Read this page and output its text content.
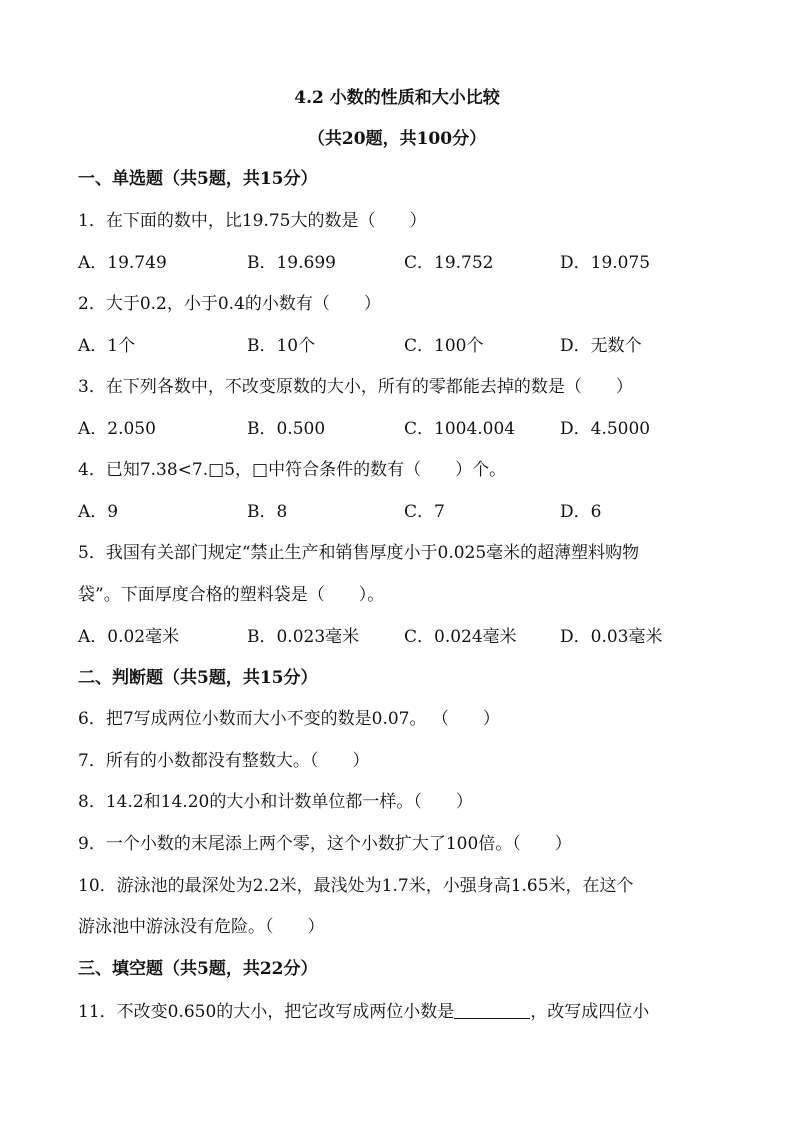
4.2 小数的性质和大小比较
（共20题，共100分）
一、单选题（共5题，共15分）
1．在下面的数中，比19.75大的数是（　　）
A．19.749	B．19.699	C．19.752	D．19.075
2．大于0.2，小于0.4的小数有（　　）
A．1个	B．10个	C．100个	D．无数个
3．在下列各数中，不改变原数的大小，所有的零都能去掉的数是（　　）
A．2.050	B．0.500	C．1004.004	D．4.5000
4．已知7.38<7.□5，□中符合条件的数有（　　）个。
A．9	B．8	C．7	D．6
5．我国有关部门规定“禁止生产和销售厚度小于0.025毫米的超薄塑料购物
袋”。下面厚度合格的塑料袋是（　　）。
A．0.02毫米	B．0.023毫米	C．0.024毫米	D．0.03毫米
二、判断题（共5题，共15分）
6．把7写成两位小数而大小不变的数是0.07。 （　　）
7．所有的小数都没有整数大。（　　）
8．14.2和14.20的大小和计数单位都一样。（　　）
9．一个小数的末尾添上两个零，这个小数扩大了100倍。（　　）
10．游泳池的最深处为2.2米，最浅处为1.7米，小强身高1.65米，在这个
游泳池中游泳没有危险。（　　）
三、填空题（共5题，共22分）
11．不改变0.650的大小，把它改写成两位小数是	，改写成四位小
